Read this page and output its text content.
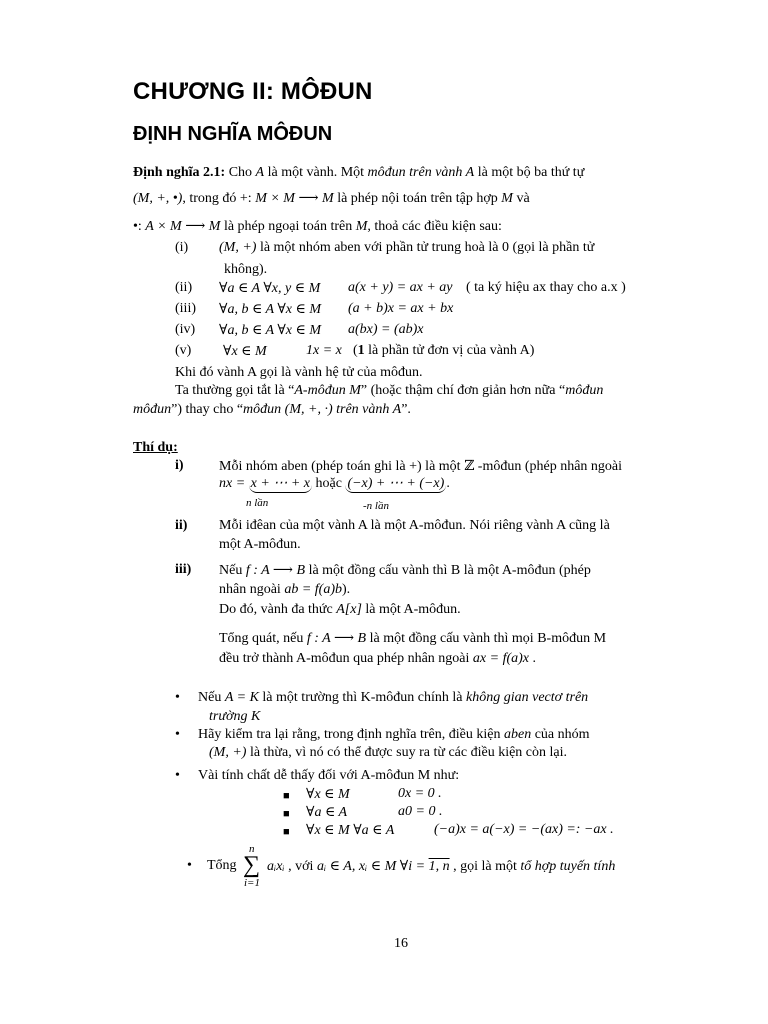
CHƯƠNG II: MÔĐUN
ĐỊNH NGHĨA MÔĐUN
Định nghĩa 2.1: Cho A là một vành. Một môđun trên vành A là một bộ ba thứ tự
(M, +, •), trong đó +: M × M ⟶ M là phép nội toán trên tập hợp M và
•: A × M ⟶ M là phép ngoại toán trên M, thoả các điều kiện sau:
(i) (M, +) là một nhóm aben với phần tử trung hoà là 0 (gọi là phần tử
không).
(ii) ∀a ∈ A ∀x, y ∈ M a(x + y) = ax + ay ( ta ký hiệu ax thay cho a.x )
(iii) ∀a, b ∈ A ∀x ∈ M (a + b)x = ax + bx
(iv) ∀a, b ∈ A ∀x ∈ M a(bx) = (ab)x
(v) ∀x ∈ M	1x = x (1 là phần tử đơn vị của vành A)
Khi đó vành A gọi là vành hệ tử của môđun.
Ta thường gọi tắt là “A-môđun M” (hoặc thậm chí đơn giản hơn nữa “môđun
môđun”) thay cho “môđun (M, +, ·) trên vành A”.
Thí dụ:
i)	Mỗi nhóm aben (phép toán ghi là +) là một ℤ -môđun (phép nhân ngoài
nx = x + ⋯ + x hoặc (−x) + ⋯ + (−x) .
n lần	-n lần
ii) Mỗi iđêan của một vành A là một A-môđun. Nói riêng vành A cũng là
một A-môđun.
iii) Nếu f : A ⟶ B là một đồng cấu vành thì B là một A-môđun (phép
nhân ngoài ab = f(a)b).
Do đó, vành đa thức A[x] là một A-môđun.
Tổng quát, nếu f : A ⟶ B là một đồng cấu vành thì mọi B-môđun M
đều trở thành A-môđun qua phép nhân ngoài ax = f(a)x .
• Nếu A = K là một trường thì K-môđun chính là không gian vectơ trên
trường K
• Hãy kiểm tra lại rằng, trong định nghĩa trên, điều kiện aben của nhóm
(M, +) là thừa, vì nó có thể được suy ra từ các điều kiện còn lại.
• Vài tính chất dễ thấy đối với A-môđun M như:
■ ∀x ∈ M	0x = 0 .
■ ∀a ∈ A	a0 = 0 .
■ ∀x ∈ M ∀a ∈ A	(−a)x = a(−x) = −(ax) =: −ax .
• Tổng
n
∑
i=1
aᵢxᵢ , với aᵢ ∈ A, xᵢ ∈ M ∀i = 1, n , gọi là một tổ hợp tuyến tính
16
